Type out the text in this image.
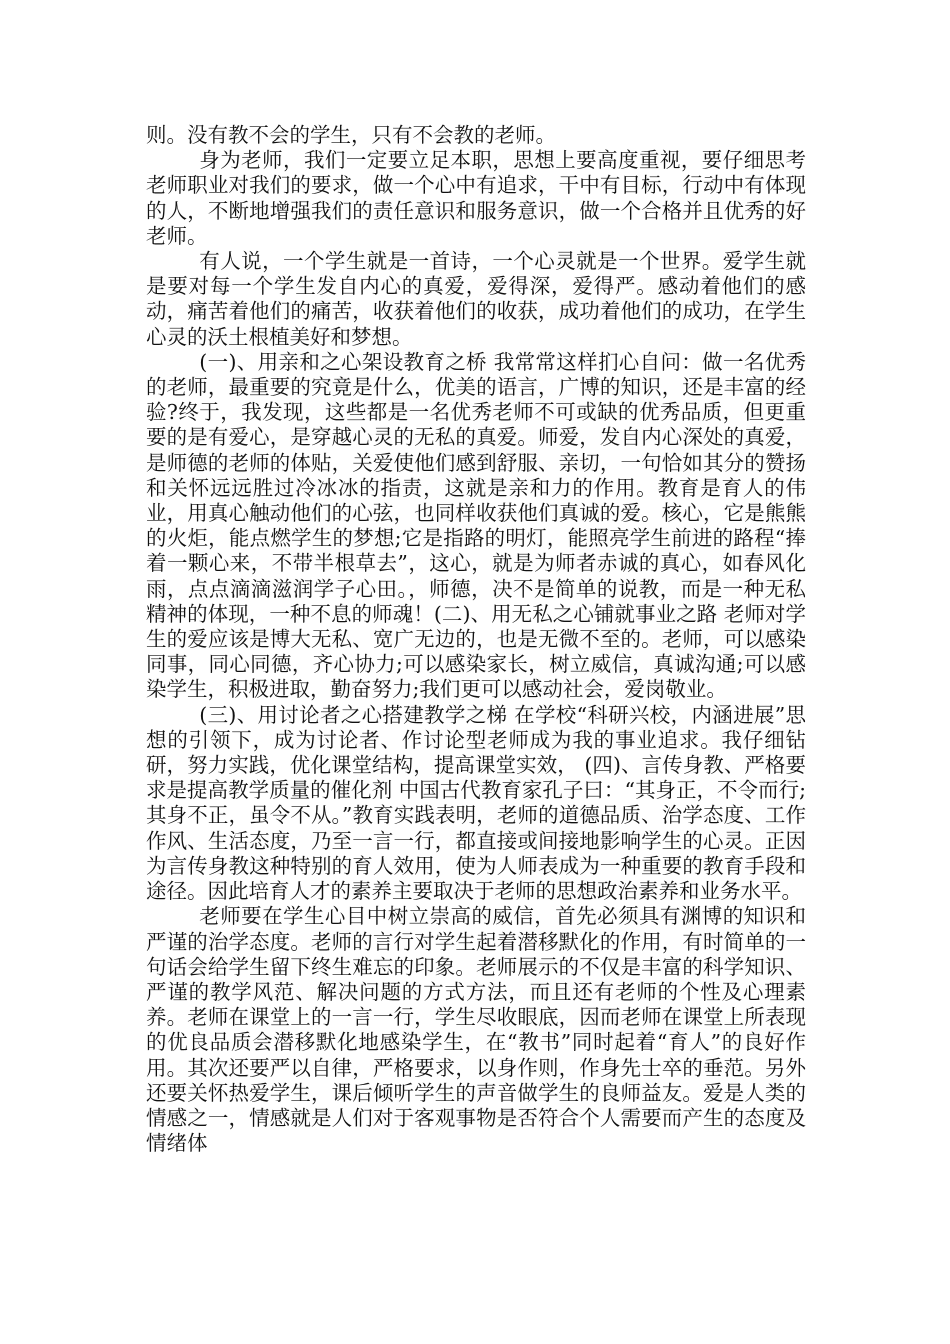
则。没有教不会的学生，只有不会教的老师。

身为老师，我们一定要立足本职，思想上要高度重视，要仔细思考老师职业对我们的要求，做一个心中有追求，干中有目标，行动中有体现的人，不断地增强我们的责任意识和服务意识，做一个合格并且优秀的好老师。

有人说，一个学生就是一首诗，一个心灵就是一个世界。爱学生就是要对每一个学生发自内心的真爱，爱得深，爱得严。感动着他们的感动，痛苦着他们的痛苦，收获着他们的收获，成功着他们的成功，在学生心灵的沃土根植美好和梦想。

(一)、用亲和之心架设教育之桥 我常常这样扪心自问：做一名优秀的老师，最重要的究竟是什么，优美的语言，广博的知识，还是丰富的经验?终于，我发现，这些都是一名优秀老师不可或缺的优秀品质，但更重要的是有爱心，是穿越心灵的无私的真爱。师爱，发自内心深处的真爱，是师德的老师的体贴，关爱使他们感到舒服、亲切，一句恰如其分的赞扬和关怀远远胜过冷冰冰的指责，这就是亲和力的作用。教育是育人的伟业，用真心触动他们的心弦，也同样收获他们真诚的爱。核心，它是熊熊的火炬，能点燃学生的梦想;它是指路的明灯，能照亮学生前进的路程“捧着一颗心来，不带半根草去”，这心，就是为师者赤诚的真心，如春风化雨，点点滴滴滋润学子心田。，师德，决不是简单的说教，而是一种无私精神的体现，一种不息的师魂！(二)、用无私之心铺就事业之路 老师对学生的爱应该是博大无私、宽广无边的，也是无微不至的。老师，可以感染同事，同心同德，齐心协力;可以感染家长，树立威信，真诚沟通;可以感染学生，积极进取，勤奋努力;我们更可以感动社会，爱岗敬业。

(三)、用讨论者之心搭建教学之梯 在学校“科研兴校，内涵进展”思想的引领下，成为讨论者、作讨论型老师成为我的事业追求。我仔细钻研，努力实践，优化课堂结构，提高课堂实效， (四)、言传身教、严格要求是提高教学质量的催化剂 中国古代教育家孔子曰：“其身正，不令而行;其身不正，虽令不从。”教育实践表明，老师的道德品质、治学态度、工作作风、生活态度，乃至一言一行，都直接或间接地影响学生的心灵。正因为言传身教这种特别的育人效用，使为人师表成为一种重要的教育手段和途径。因此培育人才的素养主要取决于老师的思想政治素养和业务水平。

老师要在学生心目中树立崇高的威信，首先必须具有渊博的知识和严谨的治学态度。老师的言行对学生起着潜移默化的作用，有时简单的一句话会给学生留下终生难忘的印象。老师展示的不仅是丰富的科学知识、严谨的教学风范、解决问题的方式方法，而且还有老师的个性及心理素养。老师在课堂上的一言一行，学生尽收眼底，因而老师在课堂上所表现的优良品质会潜移默化地感染学生，在“教书”同时起着“育人”的良好作用。其次还要严以自律，严格要求，以身作则，作身先士卒的垂范。另外还要关怀热爱学生，课后倾听学生的声音做学生的良师益友。爱是人类的情感之一，情感就是人们对于客观事物是否符合个人需要而产生的态度及情绪体
